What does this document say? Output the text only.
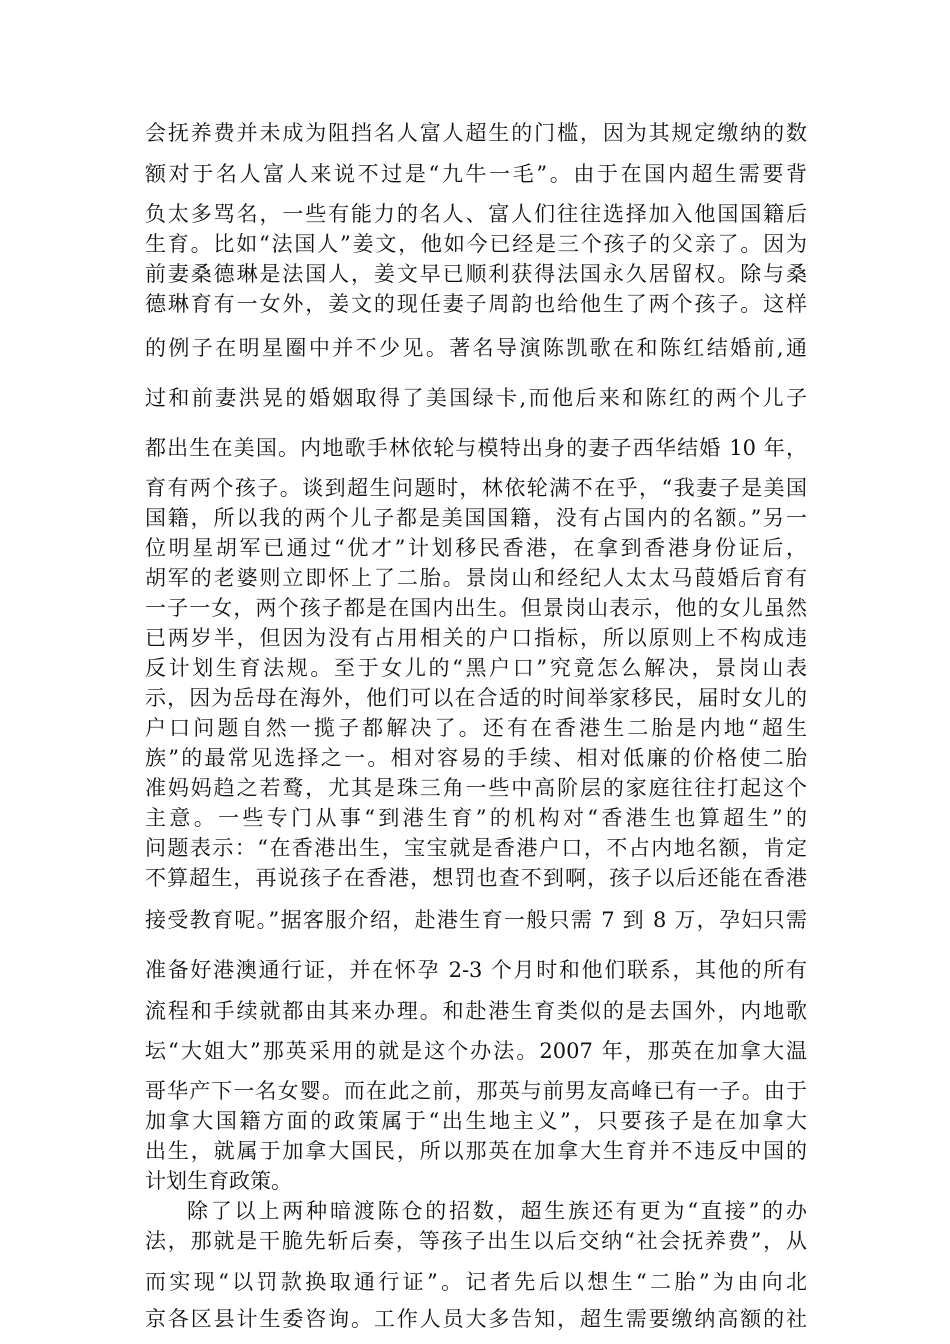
会抚养费并未成为阻挡名人富人超生的门槛，因为其规定缴纳的数
额对于名人富人来说不过是“九牛一毛”。由于在国内超生需要背
负太多骂名，一些有能力的名人、富人们往往选择加入他国国籍后
生育。比如“法国人”姜文，他如今已经是三个孩子的父亲了。因为
前妻桑德琳是法国人，姜文早已顺利获得法国永久居留权。除与桑
德琳育有一女外，姜文的现任妻子周韵也给他生了两个孩子。这样
的例子在明星圈中并不少见。著名导演陈凯歌在和陈红结婚前,通
过和前妻洪晃的婚姻取得了美国绿卡,而他后来和陈红的两个儿子
都出生在美国。内地歌手林依轮与模特出身的妻子西华结婚 10 年，
育有两个孩子。谈到超生问题时，林依轮满不在乎，“我妻子是美国
国籍，所以我的两个儿子都是美国国籍，没有占国内的名额。”另一
位明星胡军已通过“优才”计划移民香港，在拿到香港身份证后，
胡军的老婆则立即怀上了二胎。景岗山和经纪人太太马葭婚后育有
一子一女，两个孩子都是在国内出生。但景岗山表示，他的女儿虽然
已两岁半，但因为没有占用相关的户口指标，所以原则上不构成违
反计划生育法规。至于女儿的“黑户口”究竟怎么解决，景岗山表
示，因为岳母在海外，他们可以在合适的时间举家移民，届时女儿的
户口问题自然一揽子都解决了。还有在香港生二胎是内地“超生
族”的最常见选择之一。相对容易的手续、相对低廉的价格使二胎
准妈妈趋之若鹜，尤其是珠三角一些中高阶层的家庭往往打起这个
主意。一些专门从事“到港生育”的机构对“香港生也算超生”的
问题表示：“在香港出生，宝宝就是香港户口，不占内地名额，肯定
不算超生，再说孩子在香港，想罚也查不到啊，孩子以后还能在香港
接受教育呢。”据客服介绍，赴港生育一般只需 7 到 8 万，孕妇只需
准备好港澳通行证，并在怀孕 2-3 个月时和他们联系，其他的所有
流程和手续就都由其来办理。和赴港生育类似的是去国外，内地歌
坛“大姐大”那英采用的就是这个办法。2007 年，那英在加拿大温
哥华产下一名女婴。而在此之前，那英与前男友高峰已有一子。由于
加拿大国籍方面的政策属于“出生地主义”，只要孩子是在加拿大
出生，就属于加拿大国民，所以那英在加拿大生育并不违反中国的
计划生育政策。
除了以上两种暗渡陈仓的招数，超生族还有更为“直接”的办
法，那就是干脆先斩后奏，等孩子出生以后交纳“社会抚养费”，从
而实现“以罚款换取通行证”。记者先后以想生“二胎”为由向北
京各区县计生委咨询。工作人员大多告知，超生需要缴纳高额的社
